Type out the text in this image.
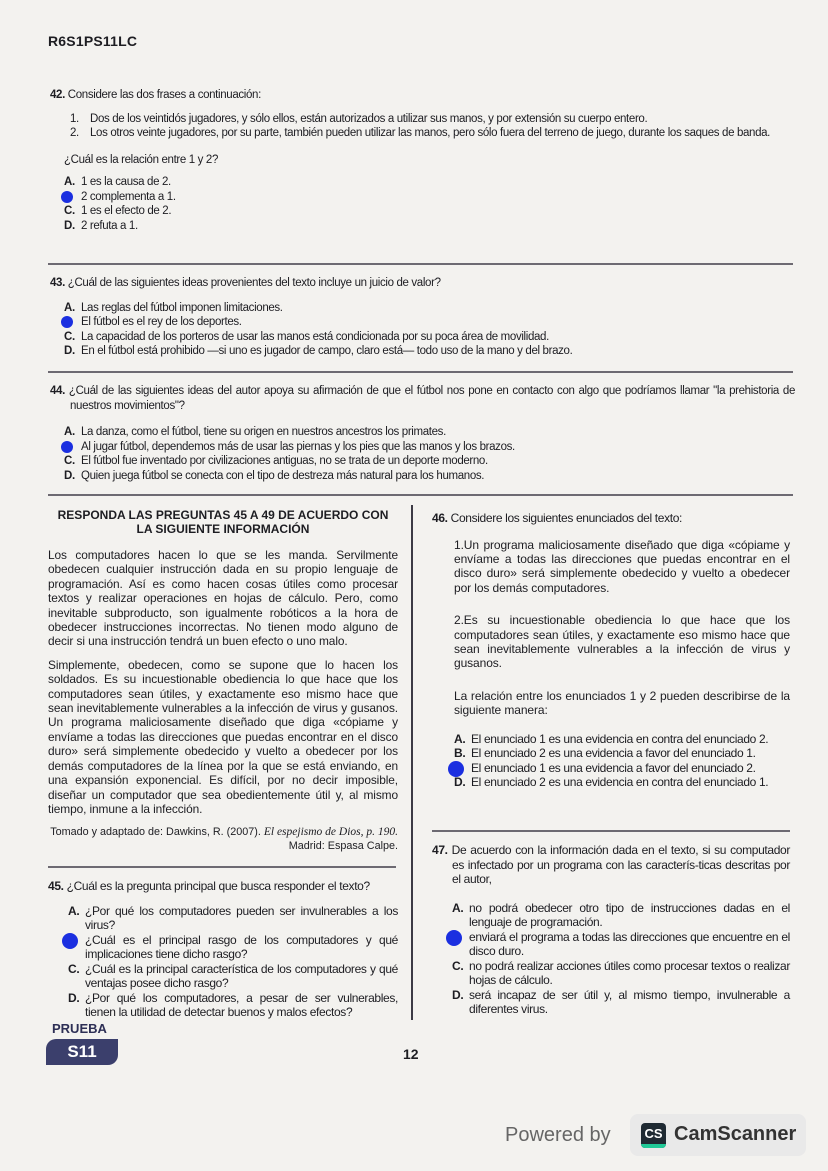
R6S1PS11LC
42. Considere las dos frases a continuación:
1. Dos de los veintidós jugadores, y sólo ellos, están autorizados a utilizar sus manos, y por extensión su cuerpo entero.
2. Los otros veinte jugadores, por su parte, también pueden utilizar las manos, pero sólo fuera del terreno de juego, durante los saques de banda.
¿Cuál es la relación entre 1 y 2?
A. 1 es la causa de 2.
2 complementa a 1.
C. 1 es el efecto de 2.
D. 2 refuta a 1.
43. ¿Cuál de las siguientes ideas provenientes del texto incluye un juicio de valor?
A. Las reglas del fútbol imponen limitaciones.
El fútbol es el rey de los deportes.
C. La capacidad de los porteros de usar las manos está condicionada por su poca área de movilidad.
D. En el fútbol está prohibido —si uno es jugador de campo, claro está— todo uso de la mano y del brazo.
44. ¿Cuál de las siguientes ideas del autor apoya su afirmación de que el fútbol nos pone en contacto con algo que podríamos llamar "la prehistoria de nuestros movimientos"?
A. La danza, como el fútbol, tiene su origen en nuestros ancestros los primates.
Al jugar fútbol, dependemos más de usar las piernas y los pies que las manos y los brazos.
C. El fútbol fue inventado por civilizaciones antiguas, no se trata de un deporte moderno.
D. Quien juega fútbol se conecta con el tipo de destreza más natural para los humanos.
RESPONDA LAS PREGUNTAS 45 A 49 DE ACUERDO CON LA SIGUIENTE INFORMACIÓN

Los computadores hacen lo que se les manda. Servilmente obedecen cualquier instrucción dada en su propio lenguaje de programación. Así es como hacen cosas útiles como procesar textos y realizar operaciones en hojas de cálculo. Pero, como inevitable subproducto, son igualmente robóticos a la hora de obedecer instrucciones incorrectas. No tienen modo alguno de decir si una instrucción tendrá un buen efecto o uno malo.

Simplemente, obedecen, como se supone que lo hacen los soldados. Es su incuestionable obediencia lo que hace que los computadores sean útiles, y exactamente eso mismo hace que sean inevitablemente vulnerables a la infección de virus y gusanos. Un programa maliciosamente diseñado que diga «cópiame y envíame a todas las direcciones que puedas encontrar en el disco duro» será simplemente obedecido y vuelto a obedecer por los demás computadores de la línea por la que se está enviando, en una expansión exponencial. Es difícil, por no decir imposible, diseñar un computador que sea obedientemente útil y, al mismo tiempo, inmune a la infección.

Tomado y adaptado de: Dawkins, R. (2007). El espejismo de Dios, p. 190.
Madrid: Espasa Calpe.
45. ¿Cuál es la pregunta principal que busca responder el texto?
A. ¿Por qué los computadores pueden ser invulnerables a los virus?
¿Cuál es el principal rasgo de los computadores y qué implicaciones tiene dicho rasgo?
C. ¿Cuál es la principal característica de los computadores y qué ventajas posee dicho rasgo?
D. ¿Por qué los computadores, a pesar de ser vulnerables, tienen la utilidad de detectar buenos y malos efectos?
46. Considere los siguientes enunciados del texto:

1.Un programa maliciosamente diseñado que diga «cópiame y envíame a todas las direcciones que puedas encontrar en el disco duro» será simplemente obedecido y vuelto a obedecer por los demás computadores.

2.Es su incuestionable obediencia lo que hace que los computadores sean útiles, y exactamente eso mismo hace que sean inevitablemente vulnerables a la infección de virus y gusanos.

La relación entre los enunciados 1 y 2 pueden describirse de la siguiente manera:

A. El enunciado 1 es una evidencia en contra del enunciado 2.
B. El enunciado 2 es una evidencia a favor del enunciado 1.
El enunciado 1 es una evidencia a favor del enunciado 2.
D. El enunciado 2 es una evidencia en contra del enunciado 1.
47. De acuerdo con la información dada en el texto, si su computador es infectado por un programa con las caracterís-ticas descritas por el autor,
A. no podrá obedecer otro tipo de instrucciones dadas en el lenguaje de programación.
enviará el programa a todas las direcciones que encuentre en el disco duro.
C. no podrá realizar acciones útiles como procesar textos o realizar hojas de cálculo.
D. será incapaz de ser útil y, al mismo tiempo, invulnerable a diferentes virus.
PRUEBA
S11	12
Powered by	CS CamScanner
